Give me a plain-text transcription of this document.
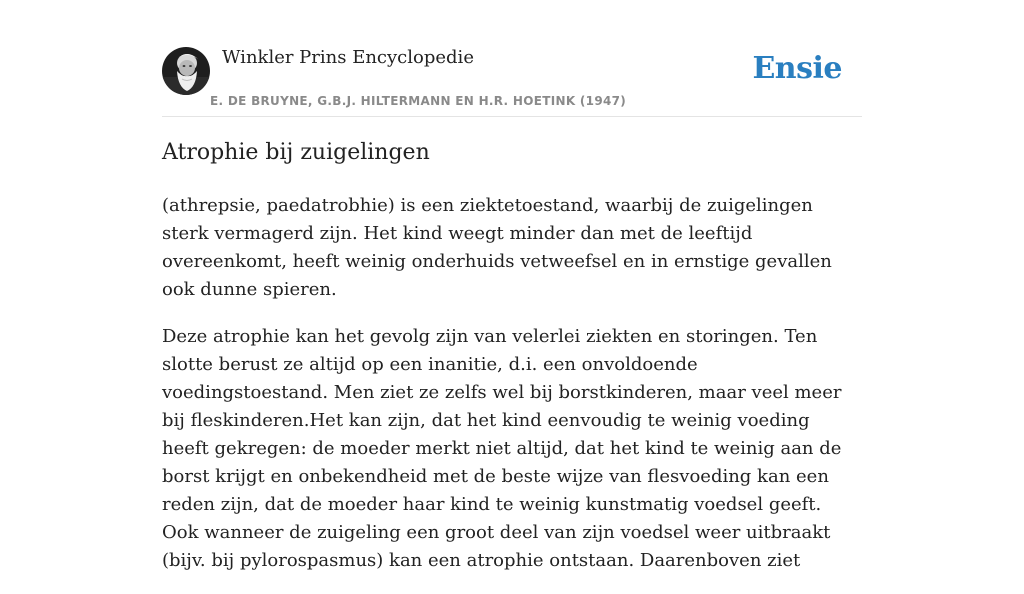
Winkler Prins Encyclopedie
E. DE BRUYNE, G.B.J. HILTERMANN EN H.R. HOETINK (1947)
Ensie
Atrophie bij zuigelingen

(athrepsie, paedatrobhie) is een ziektetoestand, waarbij de zuigelingen sterk vermagerd zijn. Het kind weegt minder dan met de leeftijd overeenkomt, heeft weinig onderhuids vetweefsel en in ernstige gevallen ook dunne spieren.

Deze atrophie kan het gevolg zijn van velerlei ziekten en storingen. Ten slotte berust ze altijd op een inanitie, d.i. een onvoldoende voedingstoestand. Men ziet ze zelfs wel bij borstkinderen, maar veel meer bij fleskinderen.Het kan zijn, dat het kind eenvoudig te weinig voeding heeft gekregen: de moeder merkt niet altijd, dat het kind te weinig aan de borst krijgt en onbekendheid met de beste wijze van flesvoeding kan een reden zijn, dat de moeder haar kind te weinig kunstmatig voedsel geeft. Ook wanneer de zuigeling een groot deel van zijn voedsel weer uitbraakt (bijv. bij pylorospasmus) kan een atrophie ontstaan. Daarenboven ziet
